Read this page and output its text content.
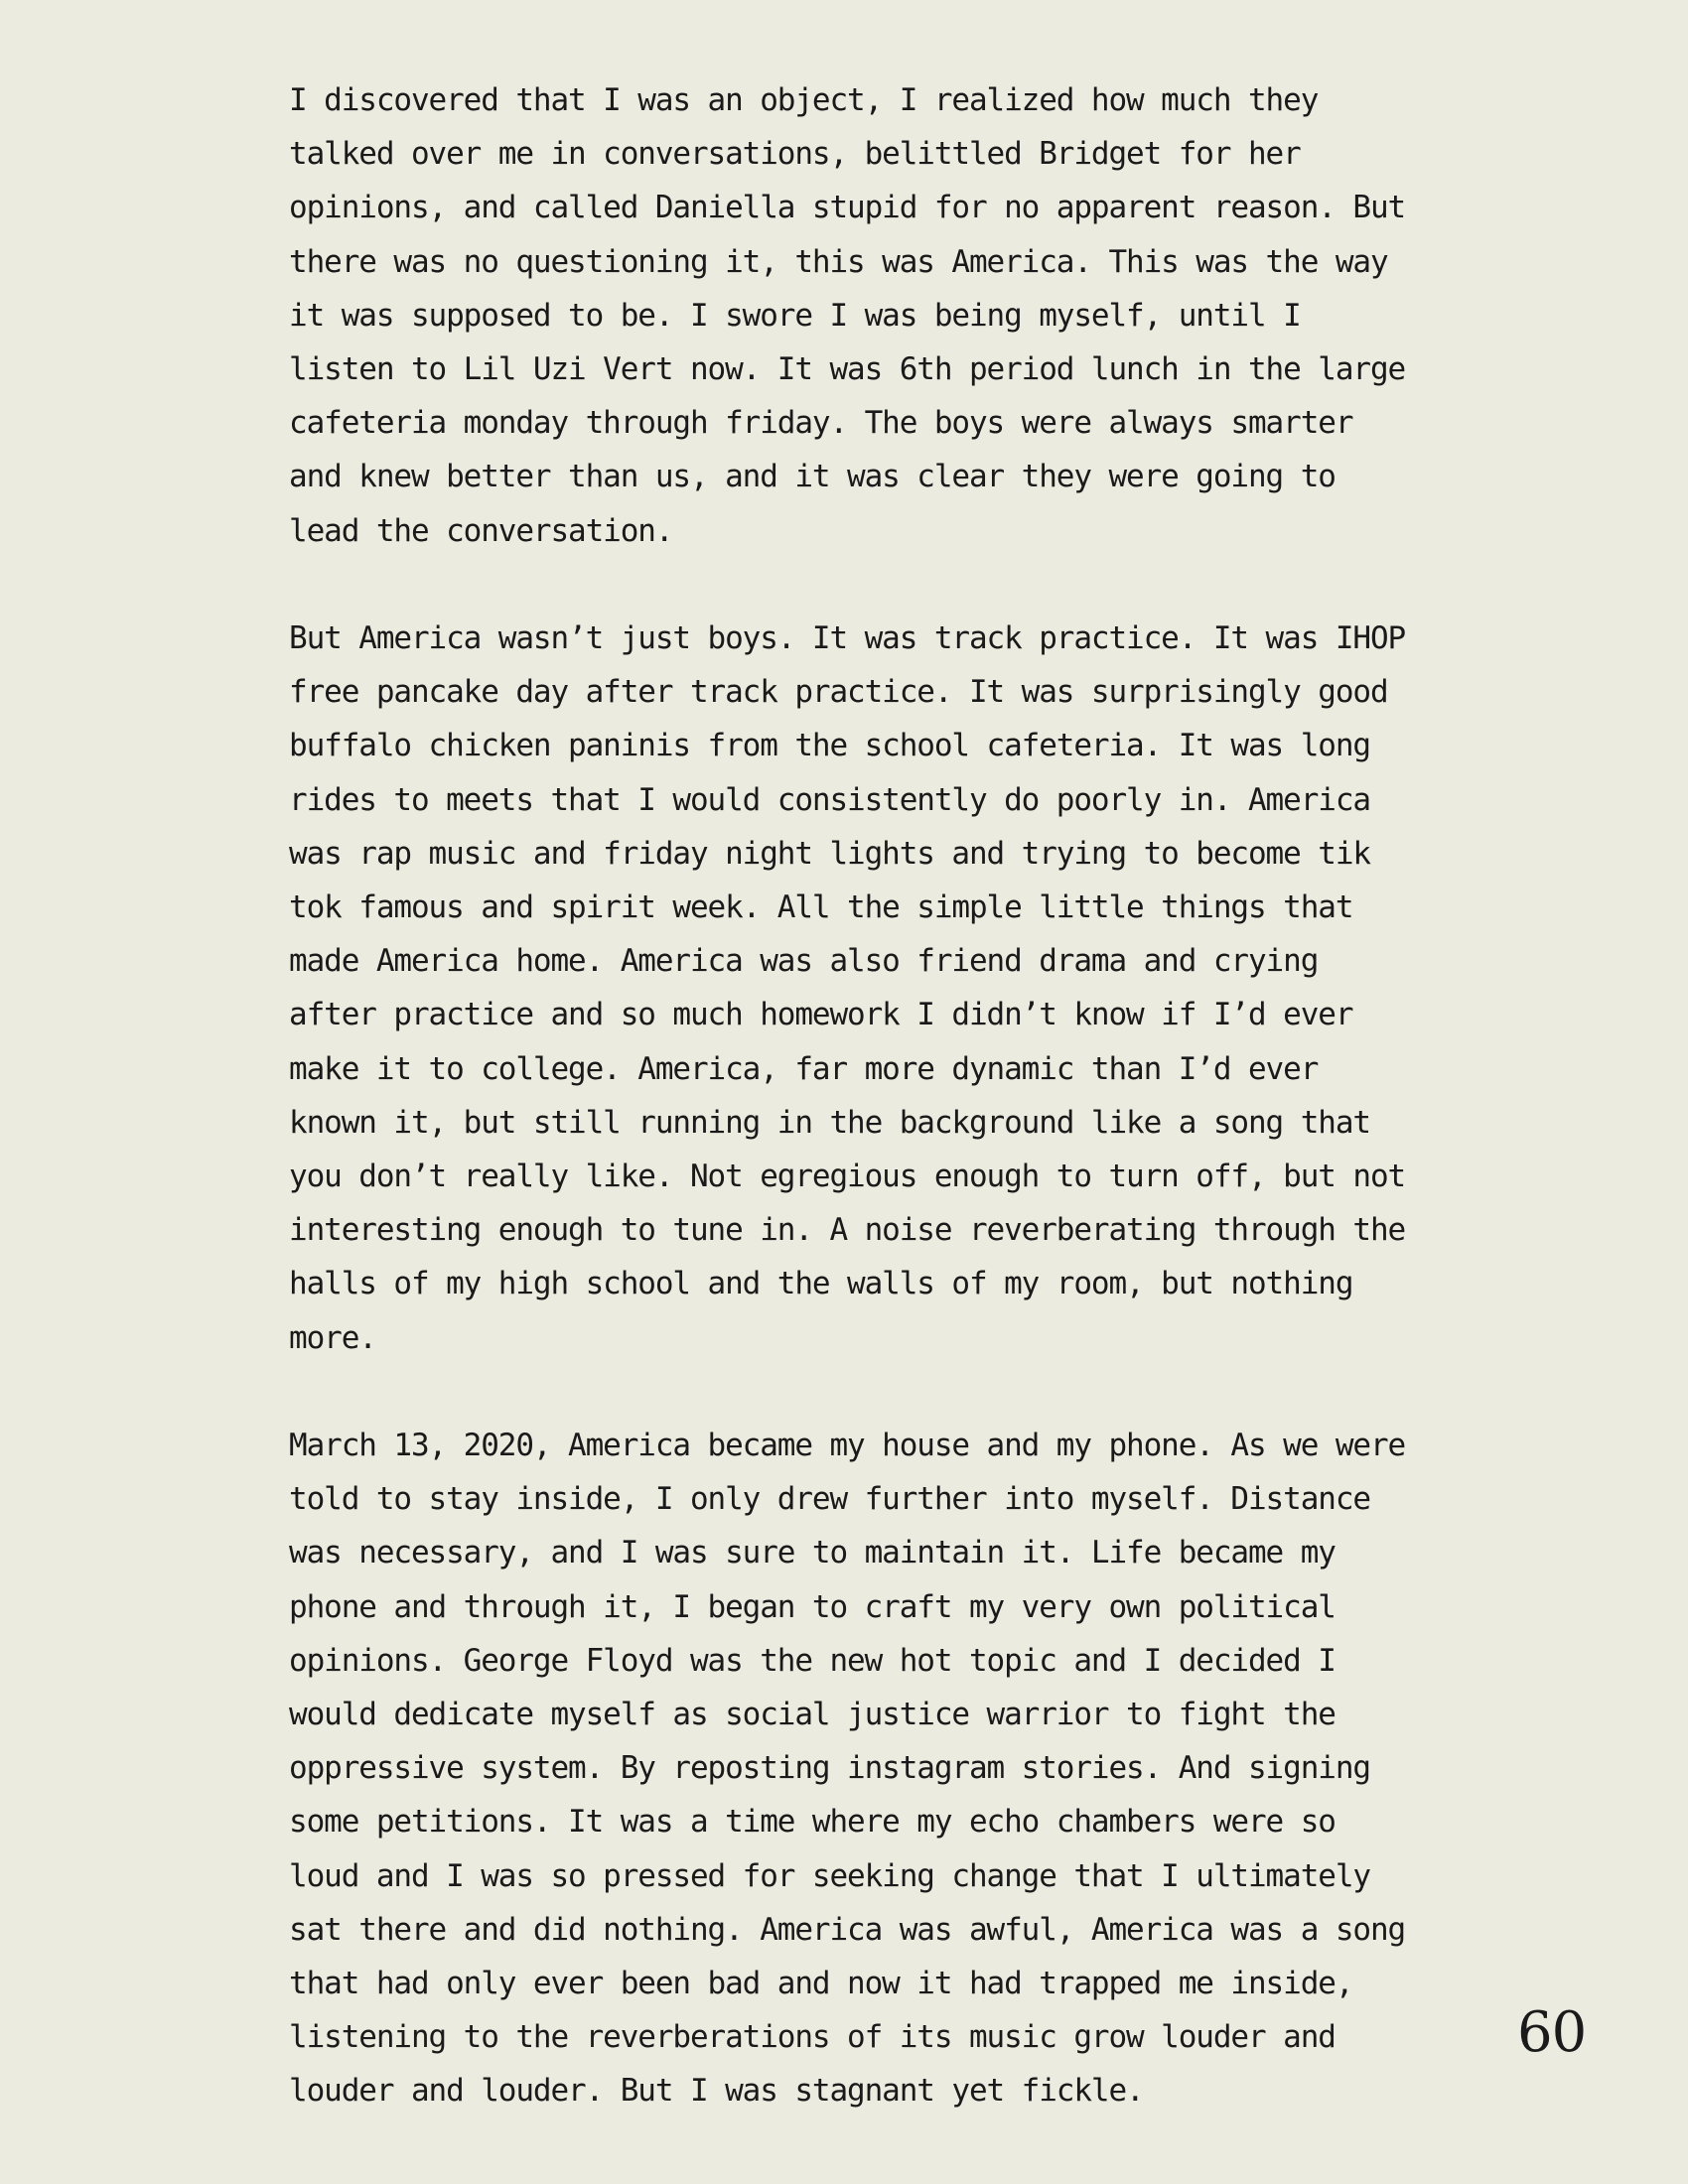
I discovered that I was an object, I realized how much they
talked over me in conversations, belittled Bridget for her
opinions, and called Daniella stupid for no apparent reason. But
there was no questioning it, this was America. This was the way
it was supposed to be. I swore I was being myself, until I
listen to Lil Uzi Vert now. It was 6th period lunch in the large
cafeteria monday through friday. The boys were always smarter
and knew better than us, and it was clear they were going to
lead the conversation.

But America wasn’t just boys. It was track practice. It was IHOP
free pancake day after track practice. It was surprisingly good
buffalo chicken paninis from the school cafeteria. It was long
rides to meets that I would consistently do poorly in. America
was rap music and friday night lights and trying to become tik
tok famous and spirit week. All the simple little things that
made America home. America was also friend drama and crying
after practice and so much homework I didn’t know if I’d ever
make it to college. America, far more dynamic than I’d ever
known it, but still running in the background like a song that
you don’t really like. Not egregious enough to turn off, but not
interesting enough to tune in. A noise reverberating through the
halls of my high school and the walls of my room, but nothing
more.

March 13, 2020, America became my house and my phone. As we were
told to stay inside, I only drew further into myself. Distance
was necessary, and I was sure to maintain it. Life became my
phone and through it, I began to craft my very own political
opinions. George Floyd was the new hot topic and I decided I
would dedicate myself as social justice warrior to fight the
oppressive system. By reposting instagram stories. And signing
some petitions. It was a time where my echo chambers were so
loud and I was so pressed for seeking change that I ultimately
sat there and did nothing. America was awful, America was a song
that had only ever been bad and now it had trapped me inside,
listening to the reverberations of its music grow louder and
louder and louder. But I was stagnant yet fickle.

60
